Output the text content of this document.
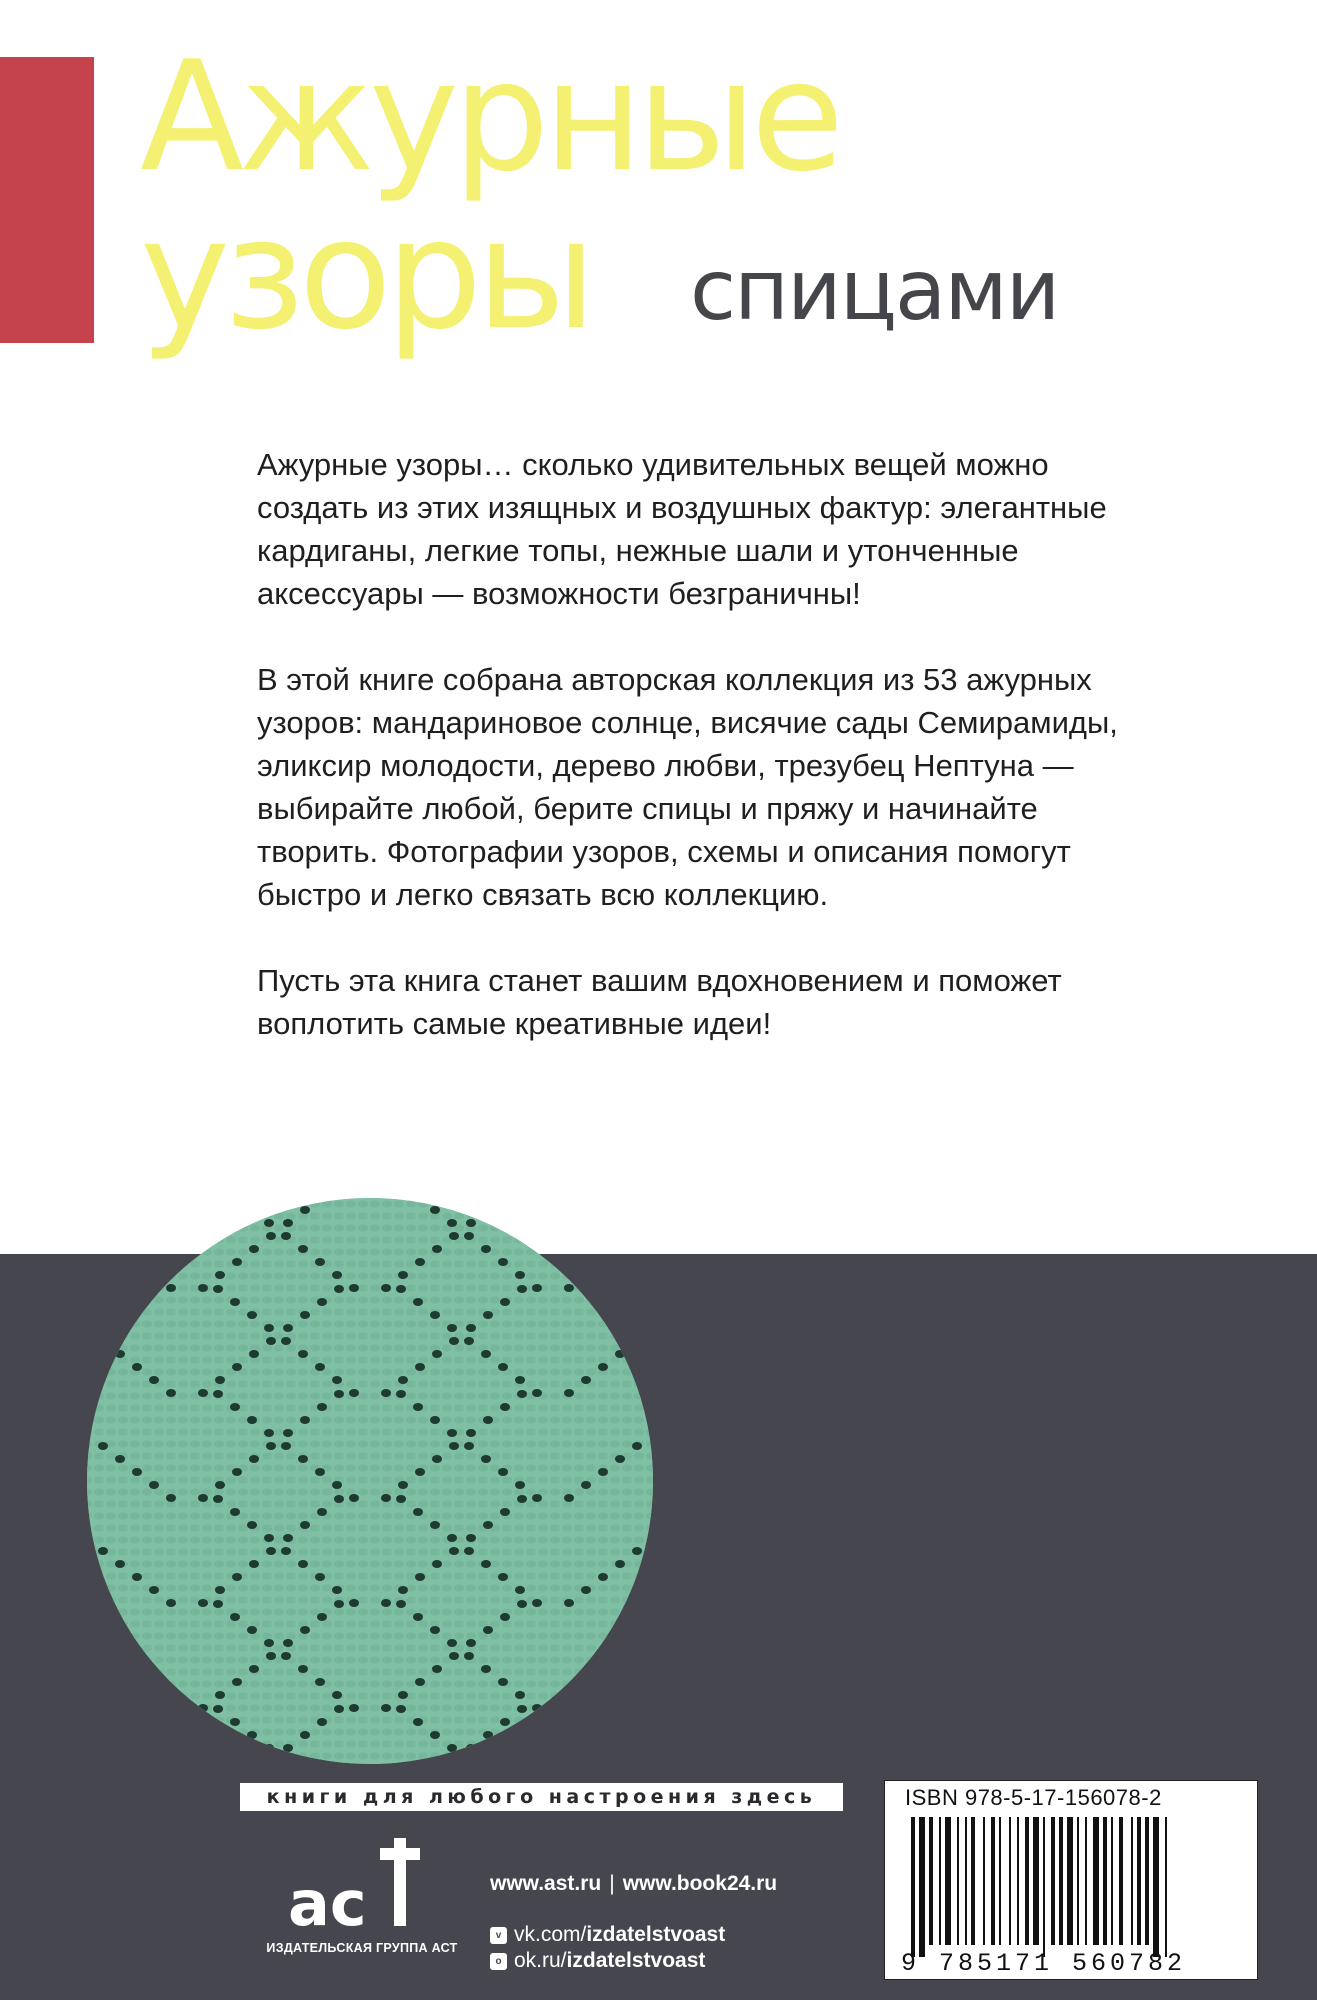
Ажурные
узоры	спицами

Ажурные узоры… сколько удивительных вещей можно
создать из этих изящных и воздушных фактур: элегантные
кардиганы, легкие топы, нежные шали и утонченные
аксессуары — возможности безграничны!

В этой книге собрана авторская коллекция из 53 ажурных
узоров: мандариновое солнце, висячие сады Семирамиды,
эликсир молодости, дерево любви, трезубец Нептуна —
выбирайте любой, берите спицы и пряжу и начинайте
творить. Фотографии узоров, схемы и описания помогут
быстро и легко связать всю коллекцию.

Пусть эта книга станет вашим вдохновением и поможет
воплотить самые креативные идеи!

книги для любого настроения здесь
ac
ИЗДАТЕЛЬСКАЯ ГРУППА АСТ
www.ast.ru | www.book24.ru
v vk.com/ izdatelstvoast
o ok.ru/ izdatelstvoast
ISBN 978-5-17-156078-2
9 785171 560782
